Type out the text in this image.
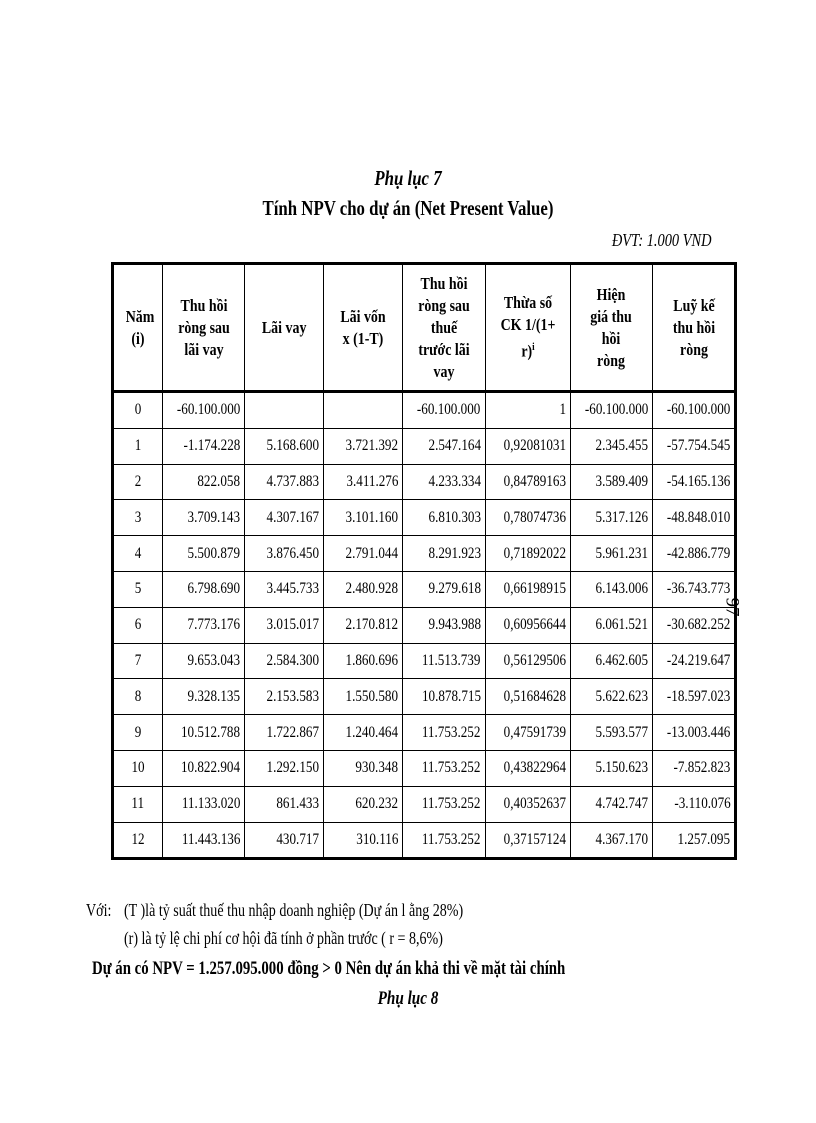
Phụ lục 7
Tính NPV cho dự án (Net Present Value)
ĐVT: 1.000 VND
Năm (i)	Thu hồi ròng sau lãi vay	Lãi vay	Lãi vốn x (1-T)	Thu hồi ròng sau thuế trước lãi vay	Thừa số CK $1/(1+ r)^i$	Hiện giá thu hồi ròng	Luỹ kế thu hồi ròng
0	-60.100.000			-60.100.000	1	-60.100.000	-60.100.000
1	-1.174.228	5.168.600	3.721.392	2.547.164	0,92081031	2.345.455	-57.754.545
2	822.058	4.737.883	3.411.276	4.233.334	0,84789163	3.589.409	-54.165.136
3	3.709.143	4.307.167	3.101.160	6.810.303	0,78074736	5.317.126	-48.848.010
4	5.500.879	3.876.450	2.791.044	8.291.923	0,71892022	5.961.231	-42.886.779
5	6.798.690	3.445.733	2.480.928	9.279.618	0,66198915	6.143.006	-36.743.773
6	7.773.176	3.015.017	2.170.812	9.943.988	0,60956644	6.061.521	-30.682.252
7	9.653.043	2.584.300	1.860.696	11.513.739	0,56129506	6.462.605	-24.219.647
8	9.328.135	2.153.583	1.550.580	10.878.715	0,51684628	5.622.623	-18.597.023
9	10.512.788	1.722.867	1.240.464	11.753.252	0,47591739	5.593.577	-13.003.446
10	10.822.904	1.292.150	930.348	11.753.252	0,43822964	5.150.623	-7.852.823
11	11.133.020	861.433	620.232	11.753.252	0,40352637	4.742.747	-3.110.076
12	11.443.136	430.717	310.116	11.753.252	0,37157124	4.367.170	1.257.095
Với: (T )là tỷ suất thuế thu nhập doanh nghiệp (Dự án l ằng 28%)
(r) là tỷ lệ chi phí cơ hội đã tính ở phần trước ( r = 8,6%)
Dự án có NPV = 1.257.095.000 đồng > 0 Nên dự án khả thi về mặt tài chính
Phụ lục 8
97
